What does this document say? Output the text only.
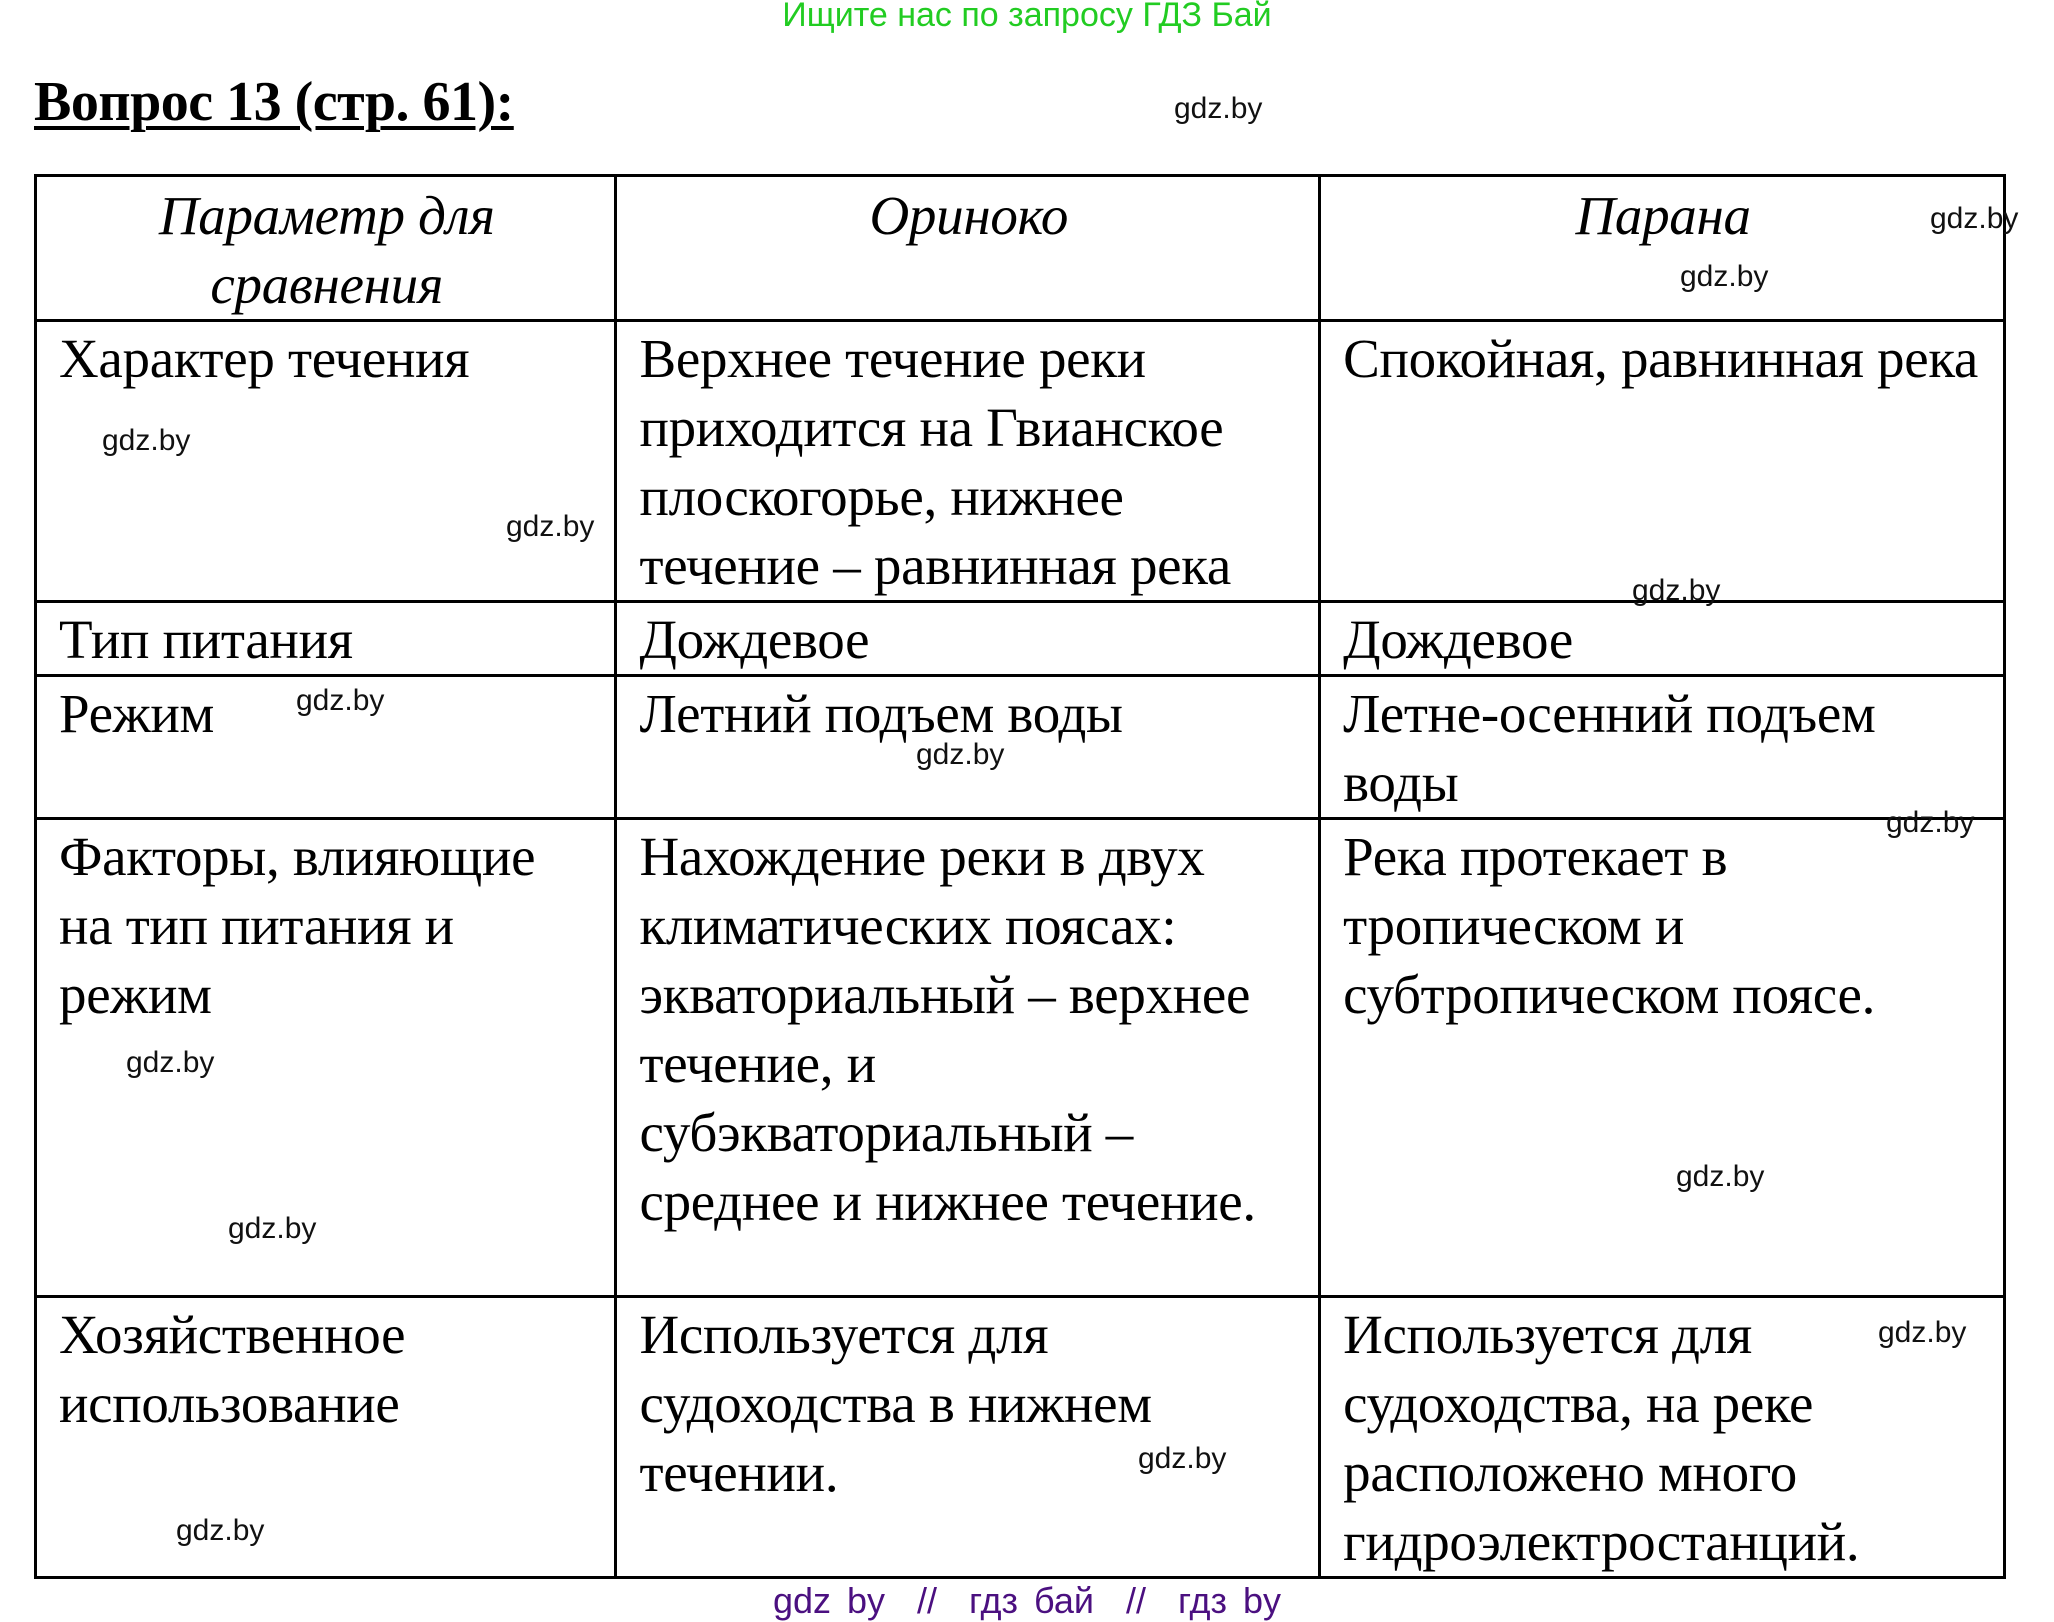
Ищите нас по запросу ГДЗ Бай
Вопрос 13 (стр. 61):
Параметр для сравнения	Ориноко	Парана
Характер течения	Верхнее течение реки приходится на Гвианское плоскогорье, нижнее течение – равнинная река	Спокойная, равнинная река
Тип питания	Дождевое	Дождевое
Режим	Летний подъем воды	Летне-осенний подъем воды
Факторы, влияющие на тип питания и режим	Нахождение реки в двух климатических поясах: экваториальный – верхнее течение, и субэкваториальный – среднее и нижнее течение.	Река протекает в тропическом и субтропическом поясе.
Хозяйственное использование	Используется для судоходства в нижнем течении.	Используется для судоходства, на реке расположено много гидроэлектростанций.
gdz.by
gdz.by
gdz.by
gdz.by
gdz.by
gdz.by
gdz.by
gdz.by
gdz.by
gdz.by
gdz.by
gdz.by
gdz.by
gdz.by
gdz.by
gdz by  //  гдз бай  //  гдз by
